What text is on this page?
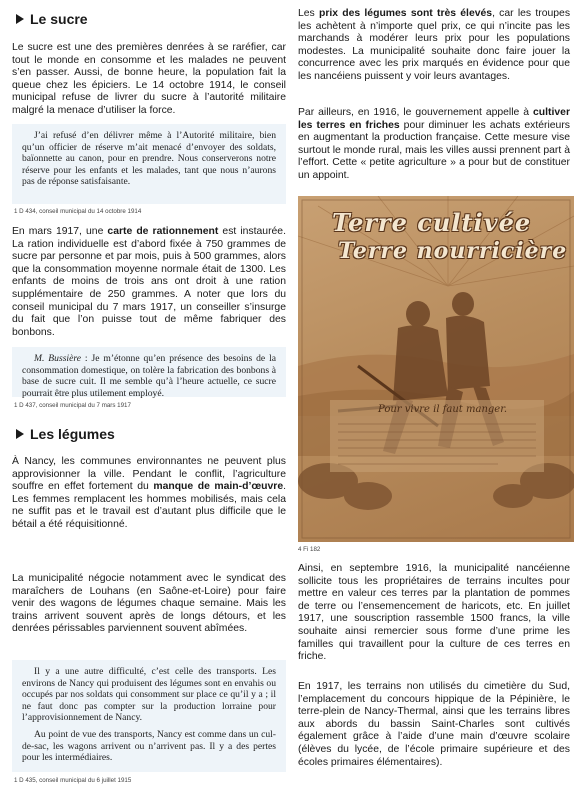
Le sucre

Le sucre est une des premières denrées à se raréfier, car tout le monde en consomme et les malades ne peuvent s’en passer. Aussi, de bonne heure, la population fait la queue chez les épiciers. Le 14 octobre 1914, le conseil municipal refuse de livrer du sucre à l’autorité militaire malgré la menace d’utiliser la force.

J’ai refusé d’en délivrer même à l’Autorité militaire, bien qu’un officier de réserve m’ait menacé d’envoyer des soldats, baïonnette au canon, pour en prendre. Nous conserverons notre réserve pour les enfants et les malades, tant que nous n’aurons pas de réponse satisfaisante.

1 D 434, conseil municipal du 14 octobre 1914

En mars 1917, une carte de rationnement est instaurée. La ration individuelle est d’abord fixée à 750 grammes de sucre par personne et par mois, puis à 500 grammes, alors que la consommation moyenne normale était de 1300. Les enfants de moins de trois ans ont droit à une ration supplémentaire de 250 grammes. A noter que lors du conseil municipal du 7 mars 1917, un conseiller s’insurge du fait que l’on puisse tout de même fabriquer des bonbons.

M. Bussière : Je m’étonne qu’en présence des besoins de la consommation domestique, on tolère la fabrication des bonbons à base de sucre cuit. Il me semble qu’à l’heure actuelle, ce sucre pourrait être plus utilement employé.

1 D 437, conseil municipal du 7 mars 1917
Les légumes

À Nancy, les communes environnantes ne peuvent plus approvisionner la ville. Pendant le conflit, l’agriculture souffre en effet fortement du manque de main-d’œuvre. Les femmes remplacent les hommes mobilisés, mais cela ne suffit pas et le travail est d’autant plus difficile que le bétail a été réquisitionné.

La municipalité négocie notamment avec le syndicat des maraîchers de Louhans (en Saône-et-Loire) pour faire venir des wagons de légumes chaque semaine. Mais les trains arrivent souvent après de longs détours, et les denrées périssables parviennent souvent abîmées.

Il y a une autre difficulté, c’est celle des transports. Les environs de Nancy qui produisent des légumes sont en envahis ou occupés par nos soldats qui consomment sur place ce qu’il y a ; il ne faut donc pas compter sur la production lorraine pour l’approvisionnement de Nancy.

Au point de vue des transports, Nancy est comme dans un cul-de-sac, les wagons arrivent ou n’arrivent pas. Il y a des pertes pour les intermédiaires.

1 D 435, conseil municipal du 6 juillet 1915

Les prix des légumes sont très élevés, car les troupes les achètent à n’importe quel prix, ce qui n’incite pas les marchands à modérer leurs prix pour les populations modestes. La municipalité souhaite donc faire jouer la concurrence avec les prix marqués en évidence pour que les nancéiens puissent y voir leurs avantages.

Par ailleurs, en 1916, le gouvernement appelle à cultiver les terres en friches pour diminuer les achats extérieurs en augmentant la production française. Cette mesure vise surtout le monde rural, mais les villes aussi prennent part à l’effort. Cette « petite agriculture » a pour but de constituer un appoint.

Terre cultivée
Terre nourricière
Pour vivre il faut manger.
4 Fi 182

Ainsi, en septembre 1916, la municipalité nancéienne sollicite tous les propriétaires de terrains incultes pour mettre en valeur ces terres par la plantation de pommes de terre ou l’ensemencement de haricots, etc. En juillet 1917, une souscription rassemble 1500 francs, la ville souhaite ainsi remercier sous forme d’une prime les familles qui travaillent pour la culture de ces terres en friche.

En 1917, les terrains non utilisés du cimetière du Sud, l’emplacement du concours hippique de la Pépinière, le terre-plein de Nancy-Thermal, ainsi que les terrains libres aux abords du bassin Saint-Charles sont cultivés également grâce à l’aide d’une main d’œuvre scolaire (élèves du lycée, de l’école primaire supérieure et des écoles primaires élémentaires).
